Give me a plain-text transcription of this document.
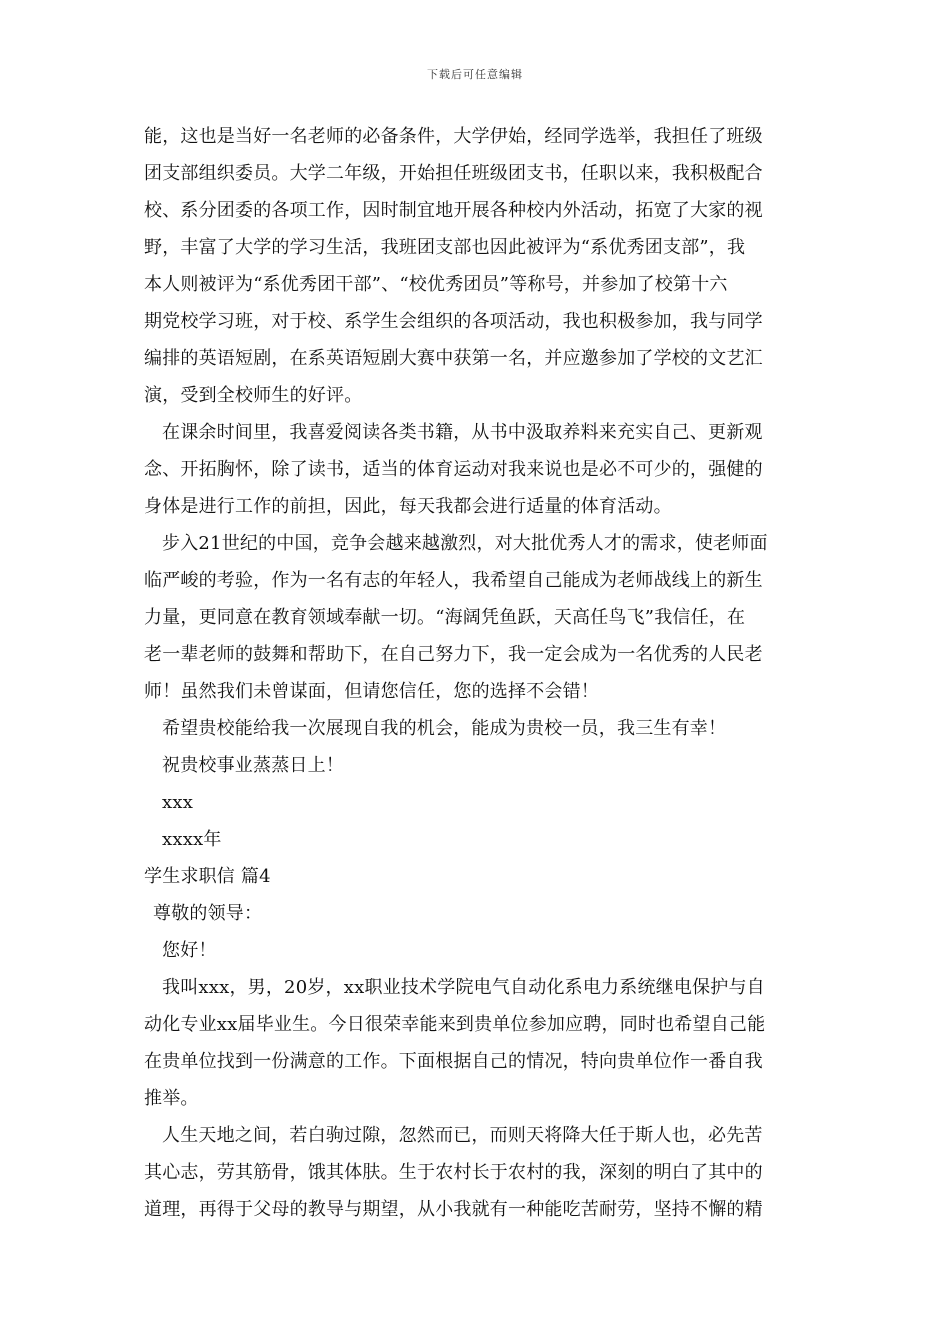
下载后可任意编辑
能，这也是当好一名老师的必备条件，大学伊始，经同学选举，我担任了班级
团支部组织委员。大学二年级，开始担任班级团支书，任职以来，我积极配合
校、系分团委的各项工作，因时制宜地开展各种校内外活动，拓宽了大家的视
野，丰富了大学的学习生活，我班团支部也因此被评为“系优秀团支部”，我
本人则被评为“系优秀团干部”、“校优秀团员”等称号，并参加了校第十六
期党校学习班，对于校、系学生会组织的各项活动，我也积极参加，我与同学
编排的英语短剧，在系英语短剧大赛中获第一名，并应邀参加了学校的文艺汇
演，受到全校师生的好评。
在课余时间里，我喜爱阅读各类书籍，从书中汲取养料来充实自己、更新观
念、开拓胸怀，除了读书，适当的体育运动对我来说也是必不可少的，强健的
身体是进行工作的前担，因此，每天我都会进行适量的体育活动。
步入21世纪的中国，竞争会越来越激烈，对大批优秀人才的需求，使老师面
临严峻的考验，作为一名有志的年轻人，我希望自己能成为老师战线上的新生
力量，更同意在教育领域奉献一切。“海阔凭鱼跃，天高任鸟飞”我信任，在
老一辈老师的鼓舞和帮助下，在自己努力下，我一定会成为一名优秀的人民老
师！虽然我们未曾谋面，但请您信任，您的选择不会错！
希望贵校能给我一次展现自我的机会，能成为贵校一员，我三生有幸！
祝贵校事业蒸蒸日上！
xxx
xxxx年
学生求职信 篇4
尊敬的领导：
您好！
我叫xxx，男，20岁，xx职业技术学院电气自动化系电力系统继电保护与自
动化专业xx届毕业生。今日很荣幸能来到贵单位参加应聘，同时也希望自己能
在贵单位找到一份满意的工作。下面根据自己的情况，特向贵单位作一番自我
推举。
人生天地之间，若白驹过隙，忽然而已，而则天将降大任于斯人也，必先苦
其心志，劳其筋骨，饿其体肤。生于农村长于农村的我，深刻的明白了其中的
道理，再得于父母的教导与期望，从小我就有一种能吃苦耐劳，坚持不懈的精
